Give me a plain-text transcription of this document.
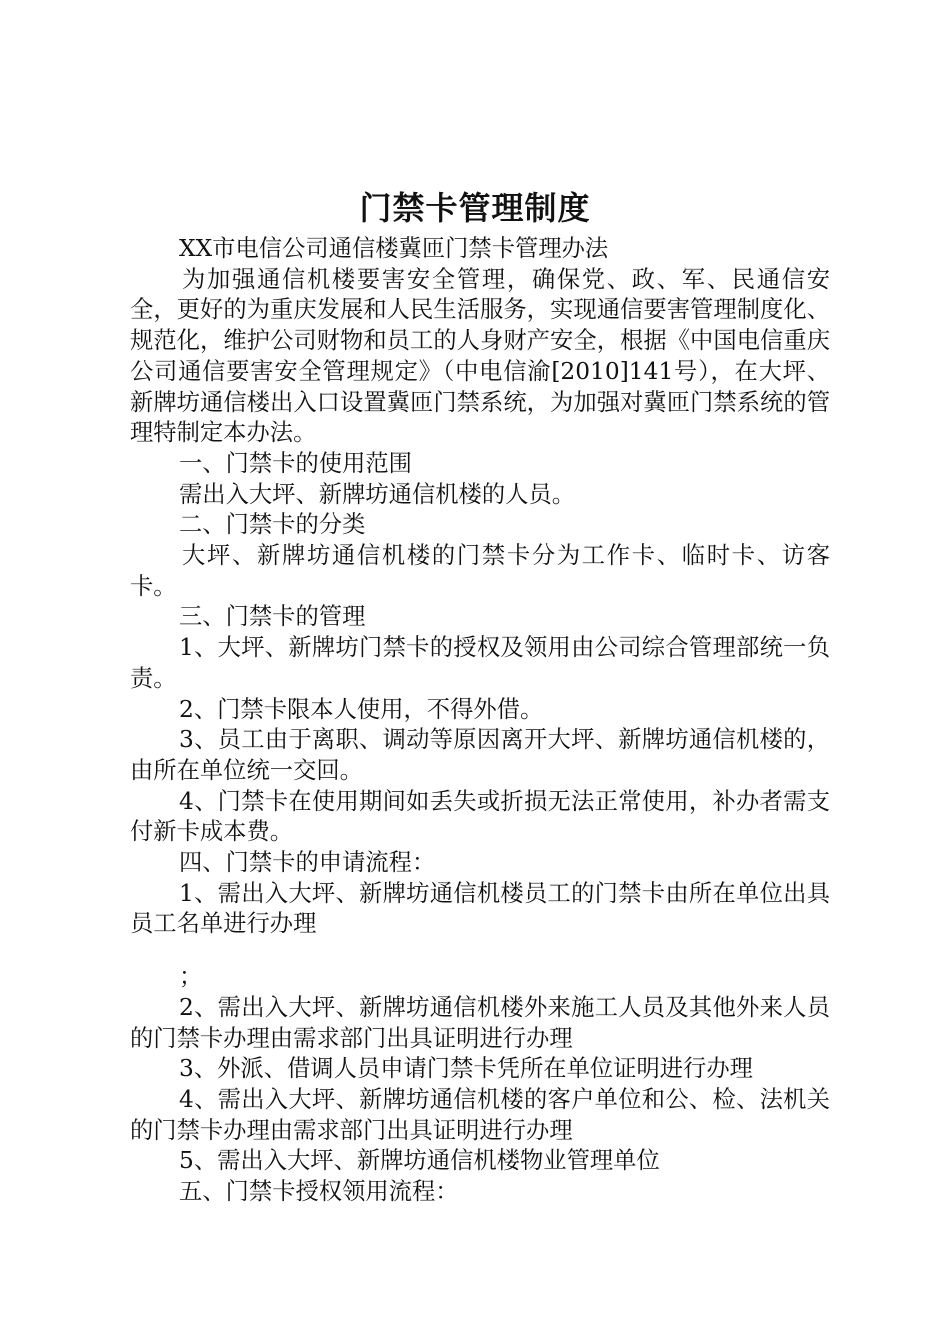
门禁卡管理制度

XX市电信公司通信楼冀匝门禁卡管理办法

为加强通信机楼要害安全管理，确保党、政、军、民通信安全，更好的为重庆发展和人民生活服务，实现通信要害管理制度化、规范化，维护公司财物和员工的人身财产安全，根据《中国电信重庆公司通信要害安全管理规定》（中电信渝[2010]141号），在大坪、新牌坊通信楼出入口设置冀匝门禁系统，为加强对冀匝门禁系统的管理特制定本办法。

一、门禁卡的使用范围

需出入大坪、新牌坊通信机楼的人员。

二、门禁卡的分类

大坪、新牌坊通信机楼的门禁卡分为工作卡、临时卡、访客卡。

三、门禁卡的管理

1、大坪、新牌坊门禁卡的授权及领用由公司综合管理部统一负责。

2、门禁卡限本人使用，不得外借。

3、员工由于离职、调动等原因离开大坪、新牌坊通信机楼的，由所在单位统一交回。

4、门禁卡在使用期间如丢失或折损无法正常使用，补办者需支付新卡成本费。

四、门禁卡的申请流程：

1、需出入大坪、新牌坊通信机楼员工的门禁卡由所在单位出具员工名单进行办理

；

2、需出入大坪、新牌坊通信机楼外来施工人员及其他外来人员的门禁卡办理由需求部门出具证明进行办理

3、外派、借调人员申请门禁卡凭所在单位证明进行办理

4、需出入大坪、新牌坊通信机楼的客户单位和公、检、法机关的门禁卡办理由需求部门出具证明进行办理

5、需出入大坪、新牌坊通信机楼物业管理单位

五、门禁卡授权领用流程：
